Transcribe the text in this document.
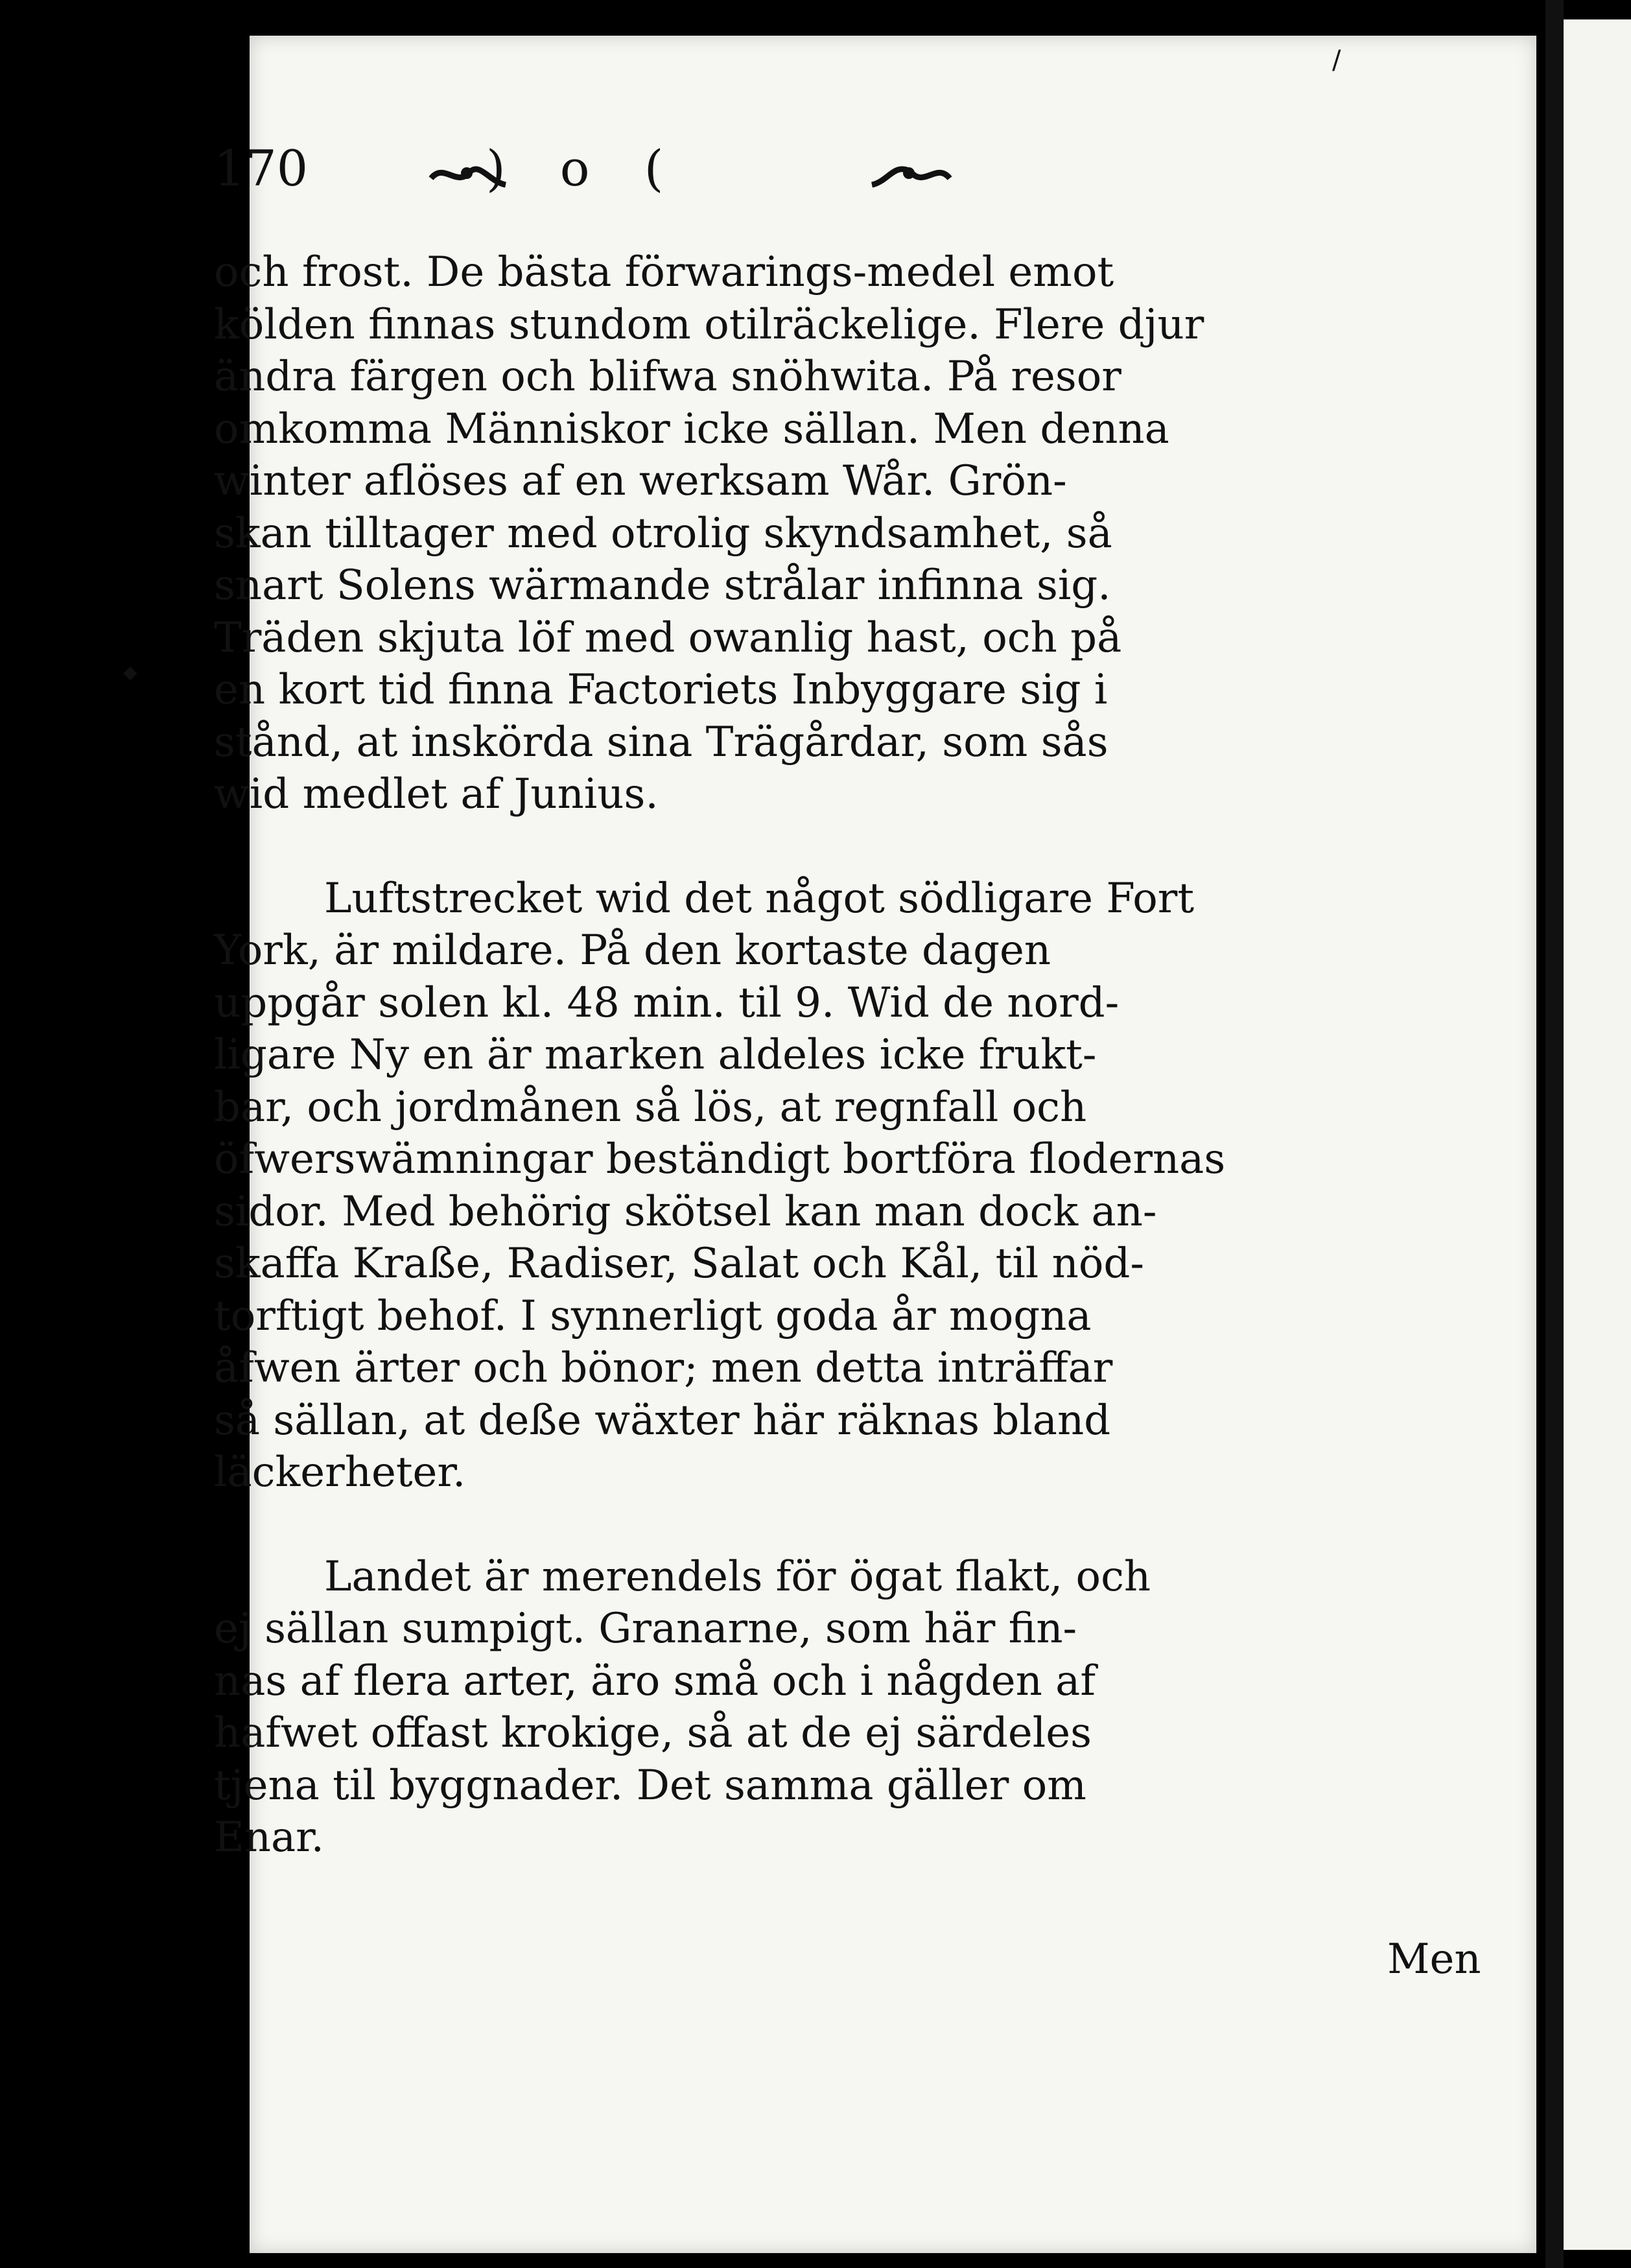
170	) o (
och frost. De bästa förwarings-medel emot
kölden finnas stundom otilräckelige. Flere djur
ändra färgen och blifwa snöhwita. På resor
omkomma Människor icke sällan. Men denna
winter aflöses af en werksam Wår. Grön-
skan tilltager med otrolig skyndsamhet, så
snart Solens wärmande strålar infinna sig.
Träden skjuta löf med owanlig hast, och på
en kort tid finna Factoriets Inbyggare sig i
stånd, at inskörda sina Trägårdar, som sås
wid medlet af Junius.
Luftstrecket wid det något södligare Fort
York, är mildare. På den kortaste dagen
uppgår solen kl. 48 min. til 9. Wid de nord-
ligare Ny en är marken aldeles icke frukt-
bar, och jordmånen så lös, at regnfall och
öfwerswämningar beständigt bortföra flodernas
sidor. Med behörig skötsel kan man dock an-
skaffa Kraße, Radiser, Salat och Kål, til nöd-
torftigt behof. I synnerligt goda år mogna
åfwen ärter och bönor; men detta inträffar
så sällan, at deße wäxter här räknas bland
läckerheter.
Landet är merendels för ögat flakt, och
ej sällan sumpigt. Granarne, som här fin-
nas af flera arter, äro små och i någden af
hafwet offast krokige, så at de ej särdeles
tjena til byggnader. Det samma gäller om
Enar.
Men
◆
/
